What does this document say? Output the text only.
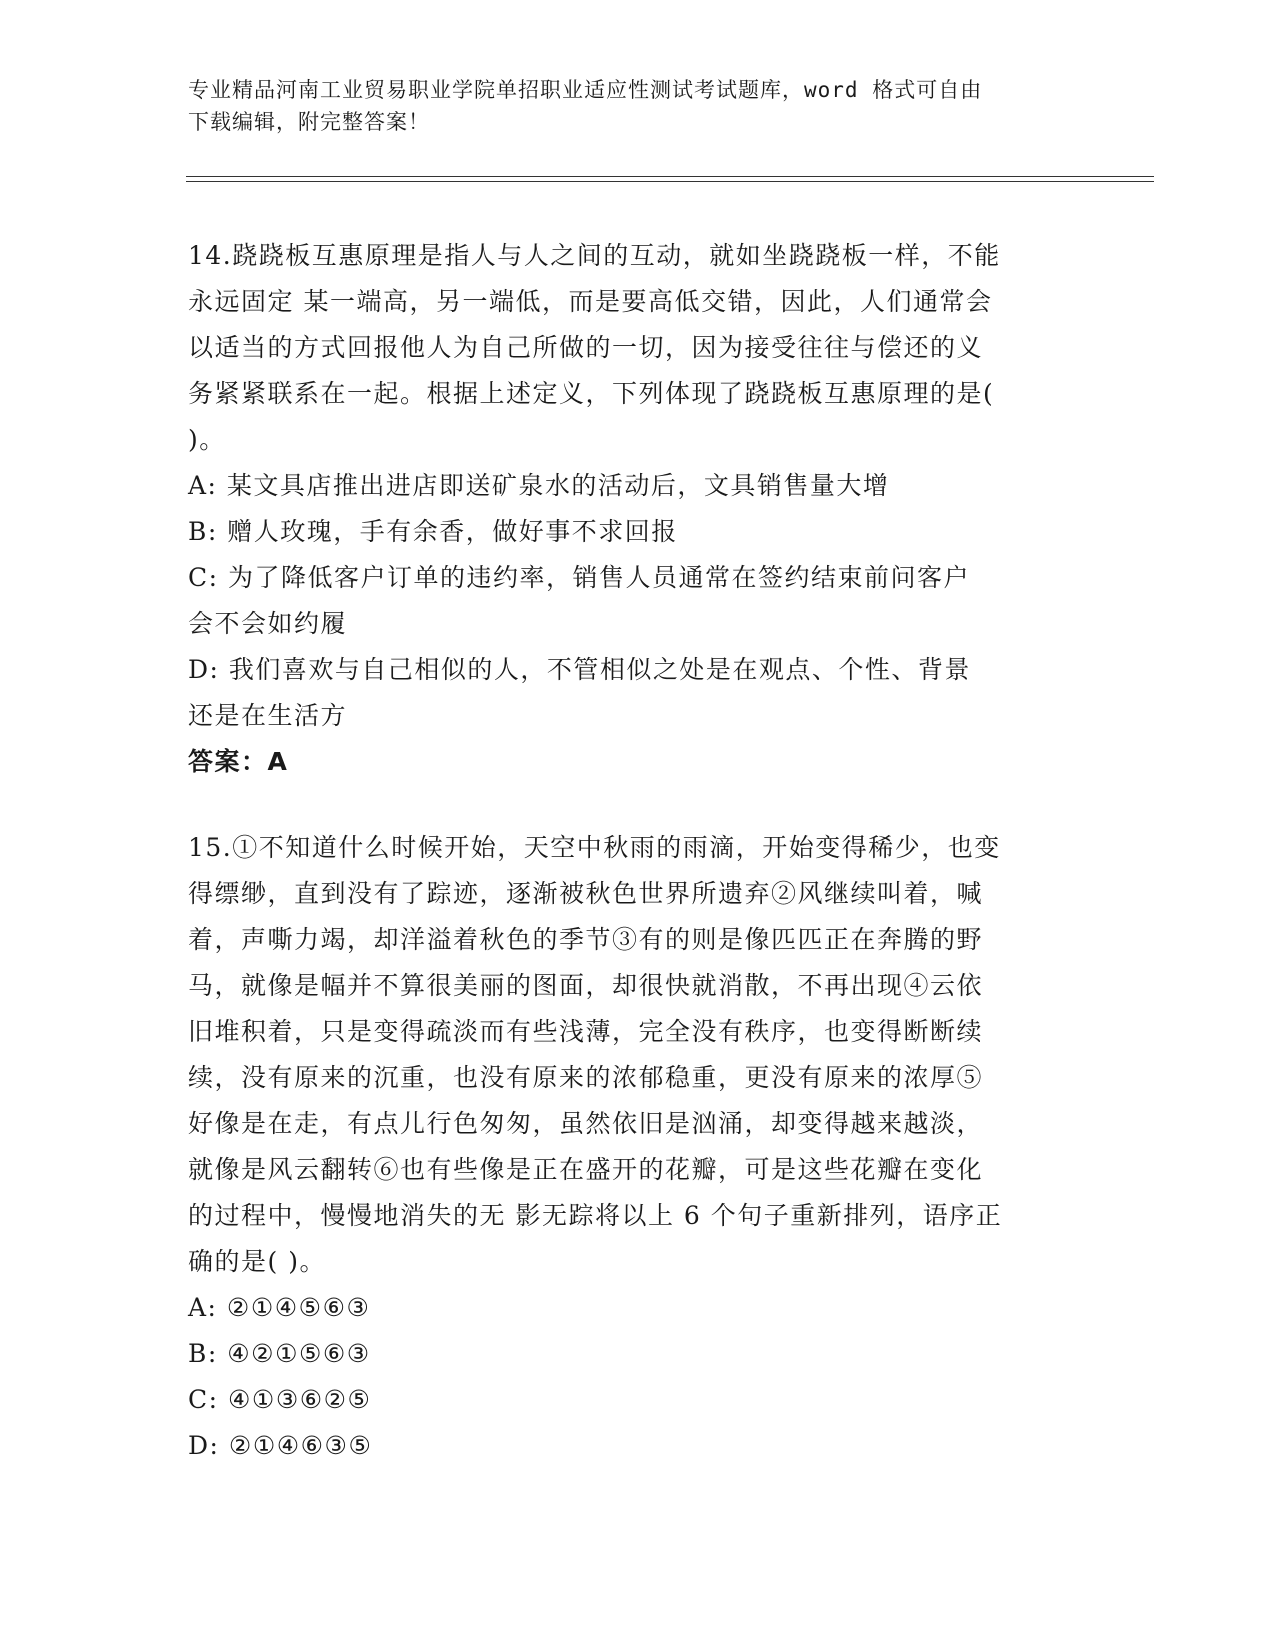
专业精品河南工业贸易职业学院单招职业适应性测试考试题库，word 格式可自由

下载编辑，附完整答案！

14.跷跷板互惠原理是指人与人之间的互动，就如坐跷跷板一样，不能

永远固定 某一端高，另一端低，而是要高低交错，因此，人们通常会

以适当的方式回报他人为自己所做的一切，因为接受往往与偿还的义

务紧紧联系在一起。根据上述定义，下列体现了跷跷板互惠原理的是(

)。

A: 某文具店推出进店即送矿泉水的活动后，文具销售量大增

B: 赠人玫瑰，手有余香，做好事不求回报

C: 为了降低客户订单的违约率，销售人员通常在签约结束前问客户

会不会如约履

D: 我们喜欢与自己相似的人，不管相似之处是在观点、个性、背景

还是在生活方

答案：A

15.①不知道什么时候开始，天空中秋雨的雨滴，开始变得稀少，也变

得缥缈，直到没有了踪迹，逐渐被秋色世界所遗弃②风继续叫着，喊

着，声嘶力竭，却洋溢着秋色的季节③有的则是像匹匹正在奔腾的野

马，就像是幅并不算很美丽的图面，却很快就消散，不再出现④云依

旧堆积着，只是变得疏淡而有些浅薄，完全没有秩序，也变得断断续

续，没有原来的沉重，也没有原来的浓郁稳重，更没有原来的浓厚⑤

好像是在走，有点儿行色匆匆，虽然依旧是汹涌，却变得越来越淡，

就像是风云翻转⑥也有些像是正在盛开的花瓣，可是这些花瓣在变化

的过程中，慢慢地消失的无 影无踪将以上 6 个句子重新排列，语序正

确的是( )。

A: ②①④⑤⑥③

B: ④②①⑤⑥③

C: ④①③⑥②⑤

D: ②①④⑥③⑤
